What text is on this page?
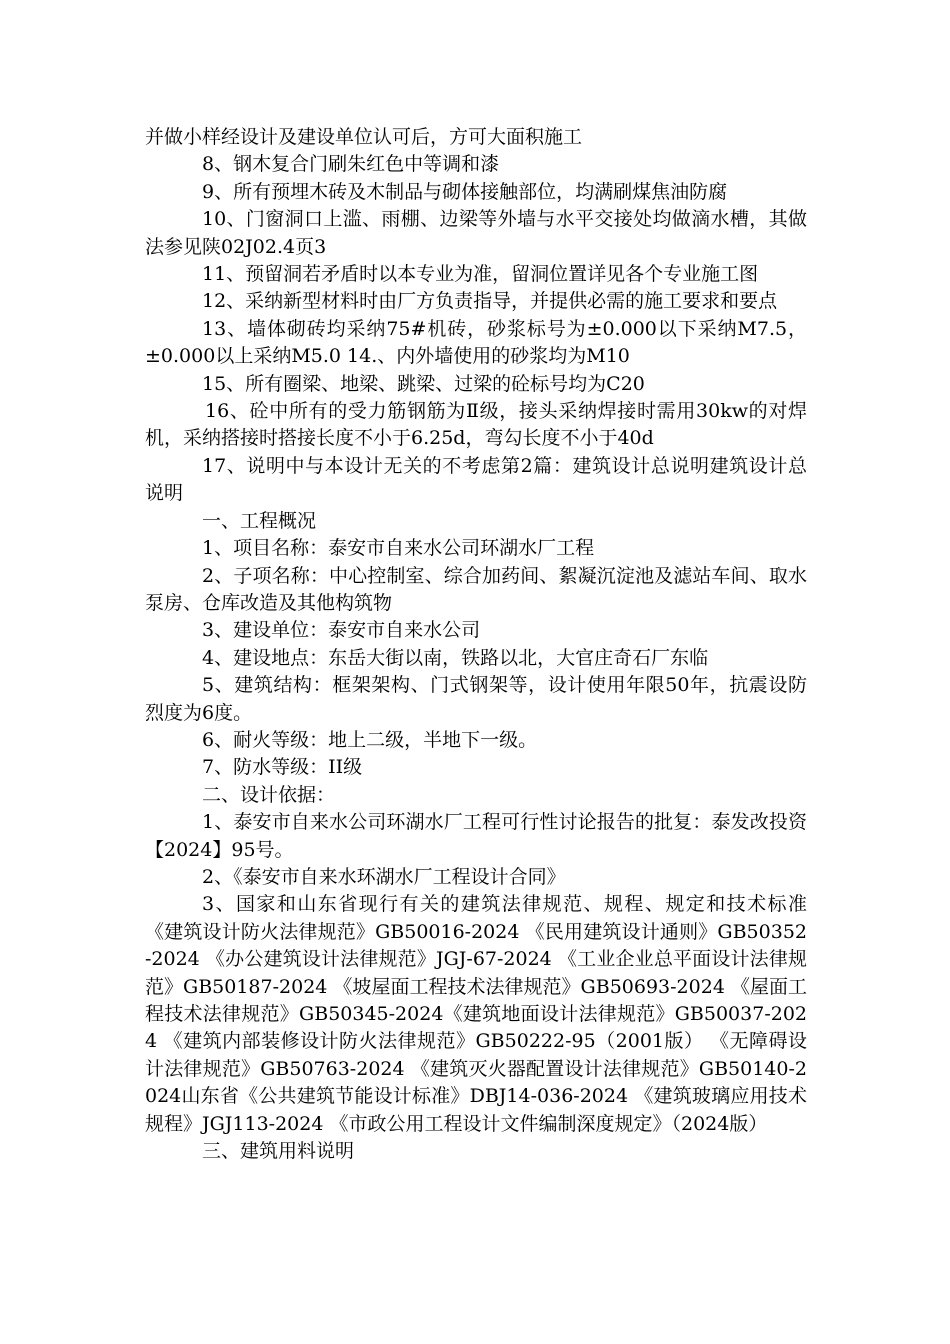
并做小样经设计及建设单位认可后，方可大面积施工

8、钢木复合门刷朱红色中等调和漆

9、所有预埋木砖及木制品与砌体接触部位，均满刷煤焦油防腐

10、门窗洞口上滥、雨棚、边梁等外墙与水平交接处均做滴水槽，其做法参见陕02J02.4页3

11、预留洞若矛盾时以本专业为准，留洞位置详见各个专业施工图

12、采纳新型材料时由厂方负责指导，并提供必需的施工要求和要点

13、墙体砌砖均采纳75#机砖，砂浆标号为±0.000以下采纳M7.5，±0.000以上采纳M5.0 14.、内外墙使用的砂浆均为M10

15、所有圈梁、地梁、跳梁、过梁的砼标号均为C20

16、砼中所有的受力筋钢筋为Ⅱ级，接头采纳焊接时需用30kw的对焊机，采纳搭接时搭接长度不小于6.25d，弯勾长度不小于40d

17、说明中与本设计无关的不考虑第2篇：建筑设计总说明建筑设计总说明

一、工程概况

1、项目名称：泰安市自来水公司环湖水厂工程

2、子项名称：中心控制室、综合加药间、絮凝沉淀池及滤站车间、取水泵房、仓库改造及其他构筑物

3、建设单位：泰安市自来水公司

4、建设地点：东岳大街以南，铁路以北，大官庄奇石厂东临

5、建筑结构：框架架构、门式钢架等，设计使用年限50年，抗震设防烈度为6度。

6、耐火等级：地上二级，半地下一级。

7、防水等级：II级

二、设计依据：

1、泰安市自来水公司环湖水厂工程可行性讨论报告的批复：泰发改投资【2024】95号。

2、《泰安市自来水环湖水厂工程设计合同》

3、国家和山东省现行有关的建筑法律规范、规程、规定和技术标准 《建筑设计防火法律规范》GB50016-2024 《民用建筑设计通则》GB50352-2024 《办公建筑设计法律规范》JGJ-67-2024 《工业企业总平面设计法律规范》GB50187-2024 《坡屋面工程技术法律规范》GB50693-2024 《屋面工程技术法律规范》GB50345-2024《建筑地面设计法律规范》GB50037-2024 《建筑内部装修设计防火法律规范》GB50222-95（2001版） 《无障碍设计法律规范》GB50763-2024 《建筑灭火器配置设计法律规范》GB50140-2024山东省《公共建筑节能设计标准》DBJ14-036-2024 《建筑玻璃应用技术规程》JGJ113-2024 《市政公用工程设计文件编制深度规定》（2024版）

三、建筑用料说明
